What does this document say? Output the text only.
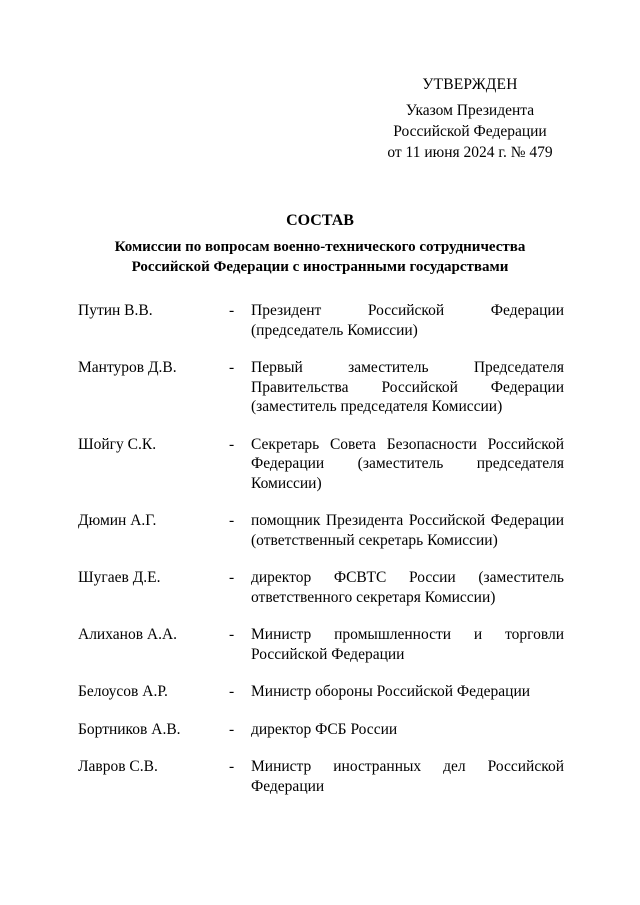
УТВЕРЖДЕН
Указом Президента
Российской Федерации
от 11 июня 2024 г. № 479
СОСТАВ
Комиссии по вопросам военно-технического сотрудничества
Российской Федерации с иностранными государствами
Путин В.В.	- Президент Российской Федерации (председатель Комиссии)
Мантуров Д.В.	- Первый заместитель Председателя Правительства Российской Федерации (заместитель председателя Комиссии)
Шойгу С.К.	- Секретарь Совета Безопасности Российской Федерации (заместитель председателя Комиссии)
Дюмин А.Г.	- помощник Президента Российской Федерации (ответственный секретарь Комиссии)
Шугаев Д.Е.	- директор ФСВТС России (заместитель ответственного секретаря Комиссии)
Алиханов А.А.	- Министр промышленности и торговли Российской Федерации
Белоусов А.Р.	- Министр обороны Российской Федерации
Бортников А.В.	- директор ФСБ России
Лавров С.В.	- Министр иностранных дел Российской Федерации
